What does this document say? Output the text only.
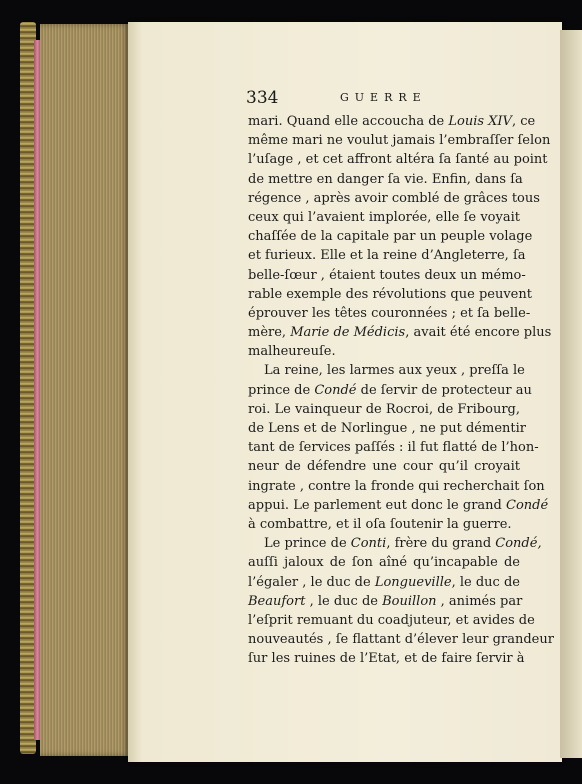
334	GUERRE
mari. Quand elle accoucha de Louis XIV, ce
même mari ne voulut jamais l’embraſſer ſelon
l’uſage , et cet affront altéra ſa ſanté au point
de mettre en danger ſa vie. Enfin, dans ſa
régence , après avoir comblé de grâces tous
ceux qui l’avaient implorée, elle ſe voyait
chaſſée de la capitale par un peuple volage
et furieux. Elle et la reine d’Angleterre, ſa
belle-ſœur , étaient toutes deux un mémo-
rable exemple des révolutions que peuvent
éprouver les têtes couronnées ; et ſa belle-
mère, Marie de Médicis, avait été encore plus
malheureuſe.
La reine, les larmes aux yeux , preſſa le
prince de Condé de ſervir de protecteur au
roi. Le vainqueur de Rocroi, de Fribourg,
de Lens et de Norlingue , ne put démentir
tant de ſervices paſſés : il fut flatté de l’hon-
neur de défendre une cour qu’il croyait
ingrate , contre la fronde qui recherchait ſon
appui. Le parlement eut donc le grand Condé
à combattre, et il oſa ſoutenir la guerre.
Le prince de Conti, frère du grand Condé,
auſſi jaloux de ſon aîné qu’incapable de
l’égaler , le duc de Longueville, le duc de
Beaufort , le duc de Bouillon , animés par
l’eſprit remuant du coadjuteur, et avides de
nouveautés , ſe flattant d’élever leur grandeur
ſur les ruines de l’Etat, et de faire ſervir à
